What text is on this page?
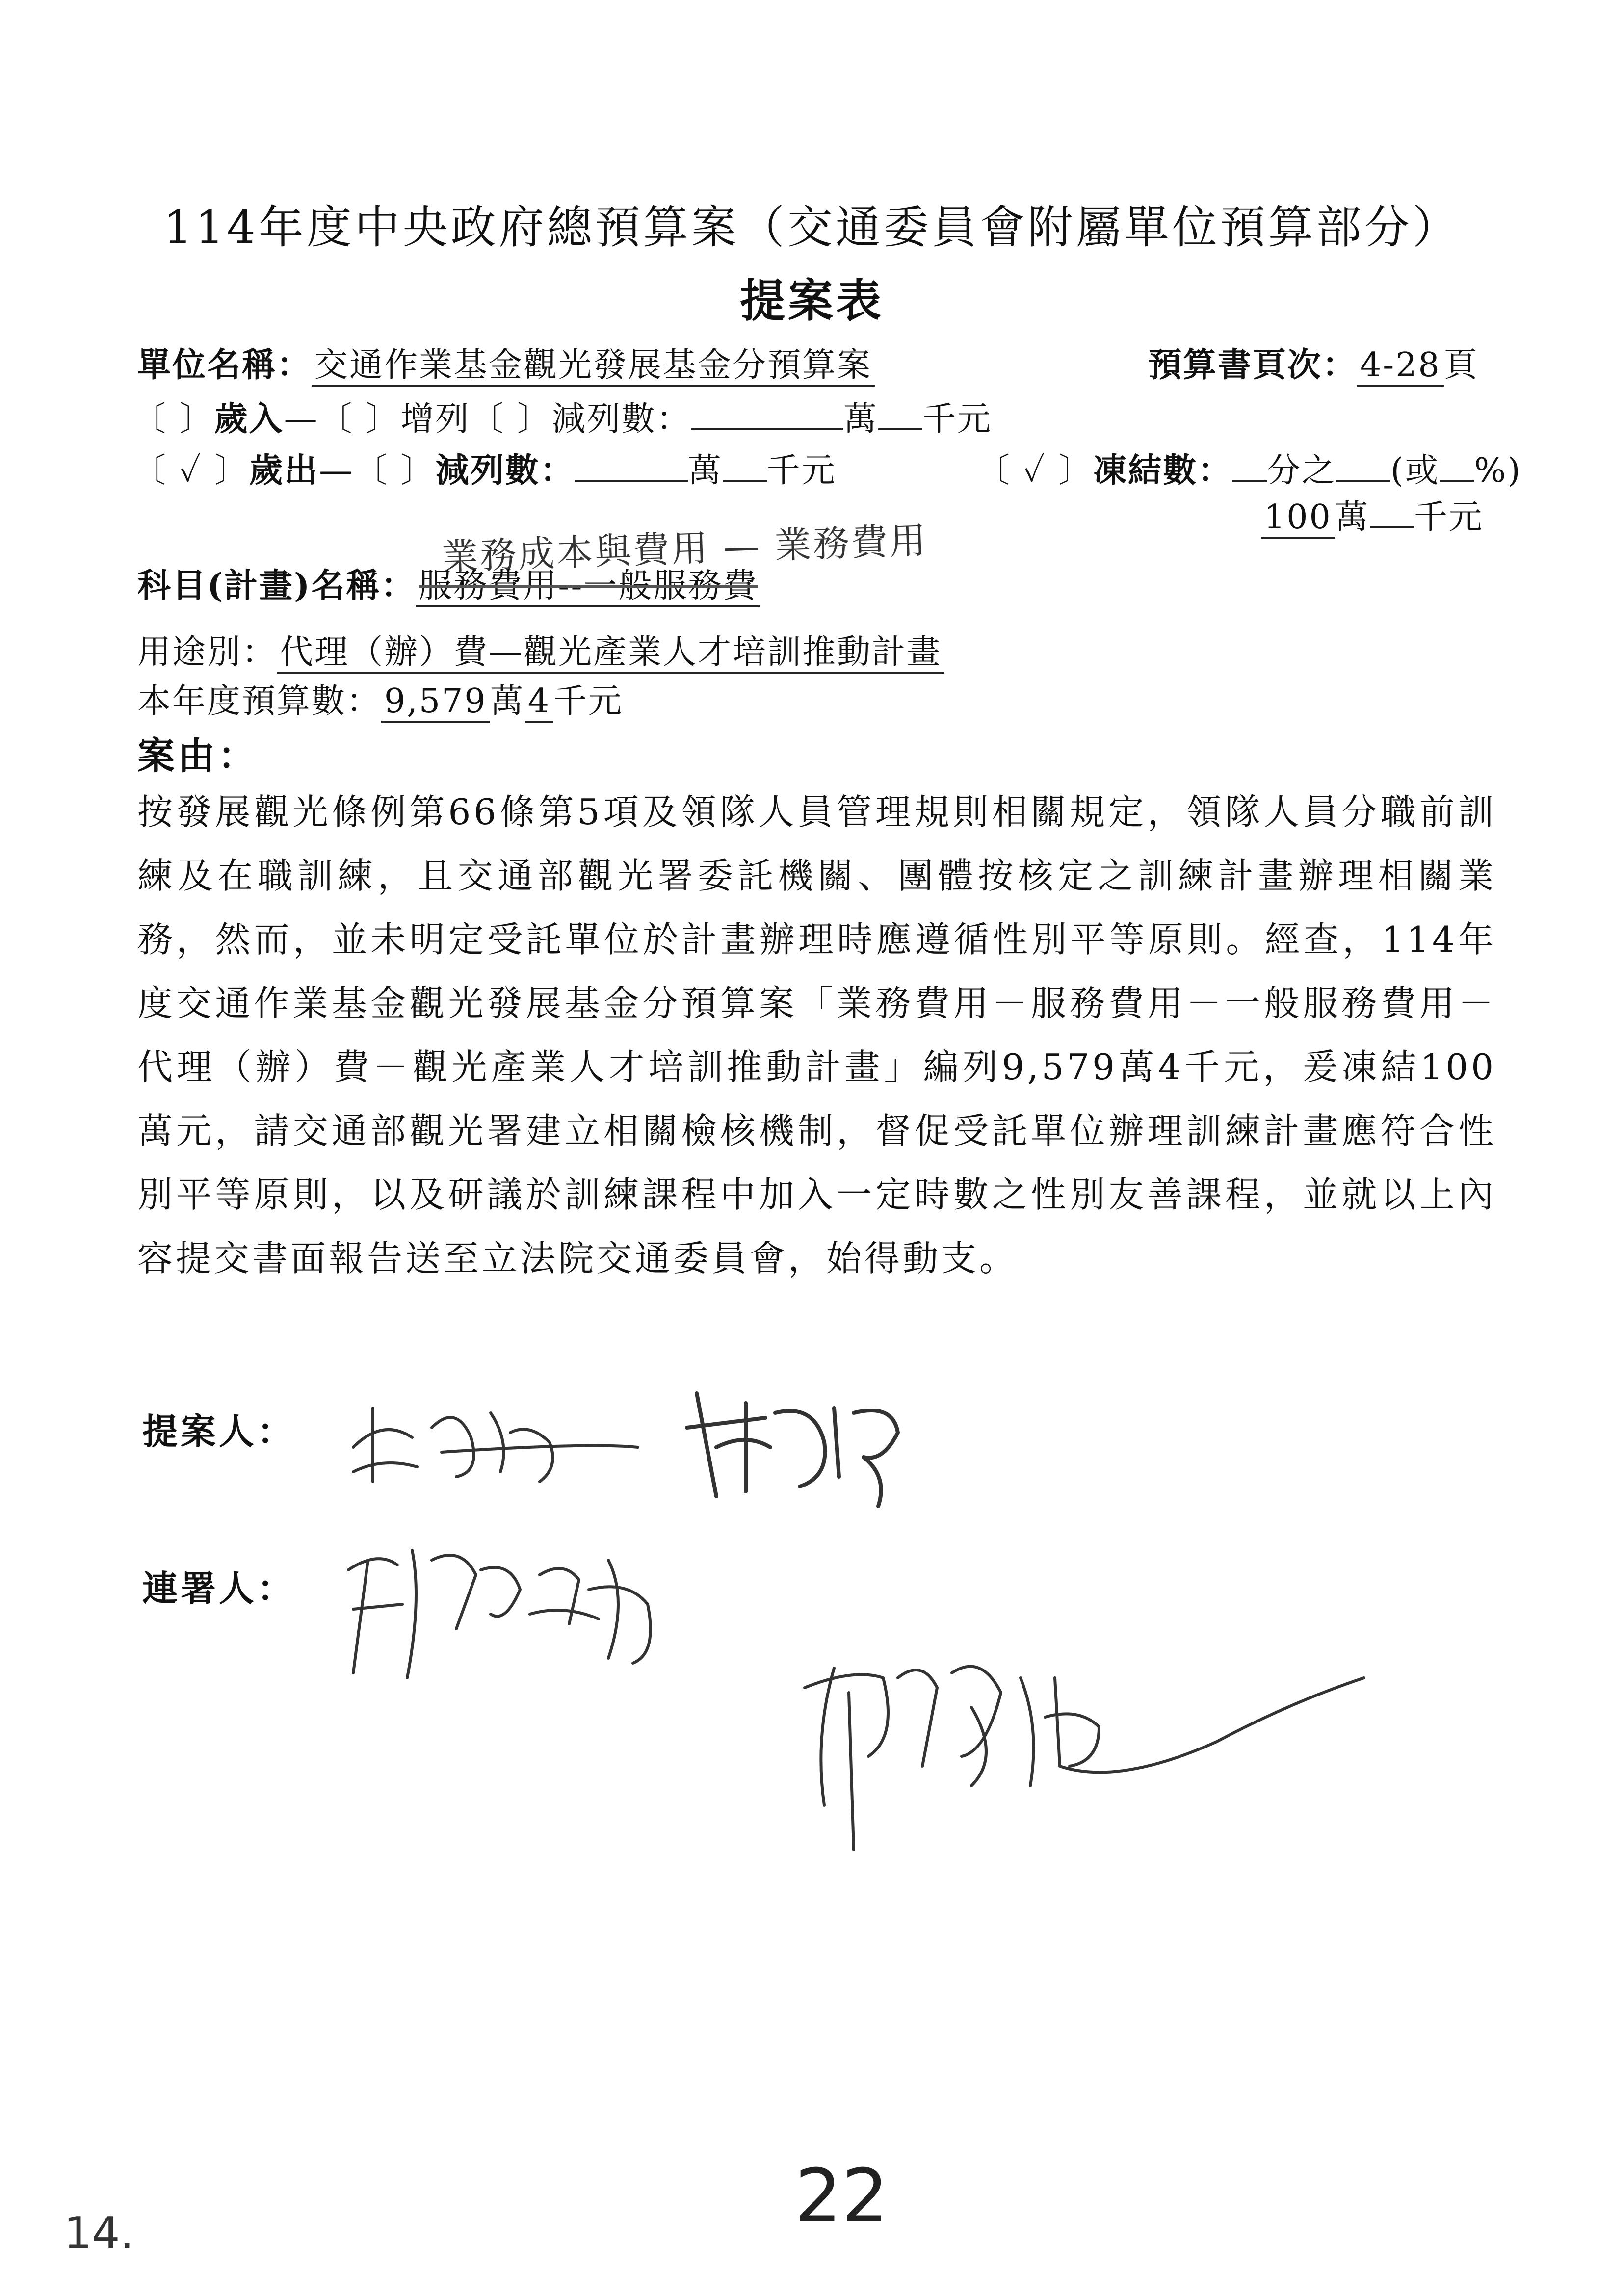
114年度中央政府總預算案（交通委員會附屬單位預算部分）
提案表
單位名稱：交通作業基金觀光發展基金分預算案	預算書頁次：4-28頁
〔 〕歲入—〔 〕增列〔 〕減列數：	萬 千元
〔 ✓ 〕歲出—〔 〕減列數：	萬 千元	〔 ✓ 〕凍結數： 分之 (或 %)
100萬 千元
業務成本與費用 — 業務費用
科目(計畫)名稱：服務費用--一般服務費
用途別：代理（辦）費—觀光產業人才培訓推動計畫
本年度預算數：9,579萬4千元
案由：
按發展觀光條例第66條第5項及領隊人員管理規則相關規定，領隊人員分職前訓練及在職訓練，且交通部觀光署委託機關、團體按核定之訓練計畫辦理相關業務，然而，並未明定受託單位於計畫辦理時應遵循性別平等原則。經查，114年度交通作業基金觀光發展基金分預算案「業務費用－服務費用－一般服務費用－代理（辦）費－觀光產業人才培訓推動計畫」編列9,579萬4千元，爰凍結100萬元，請交通部觀光署建立相關檢核機制，督促受託單位辦理訓練計畫應符合性別平等原則，以及研議於訓練課程中加入一定時數之性別友善課程，並就以上內容提交書面報告送至立法院交通委員會，始得動支。
提案人：
連署人：
22
14.
